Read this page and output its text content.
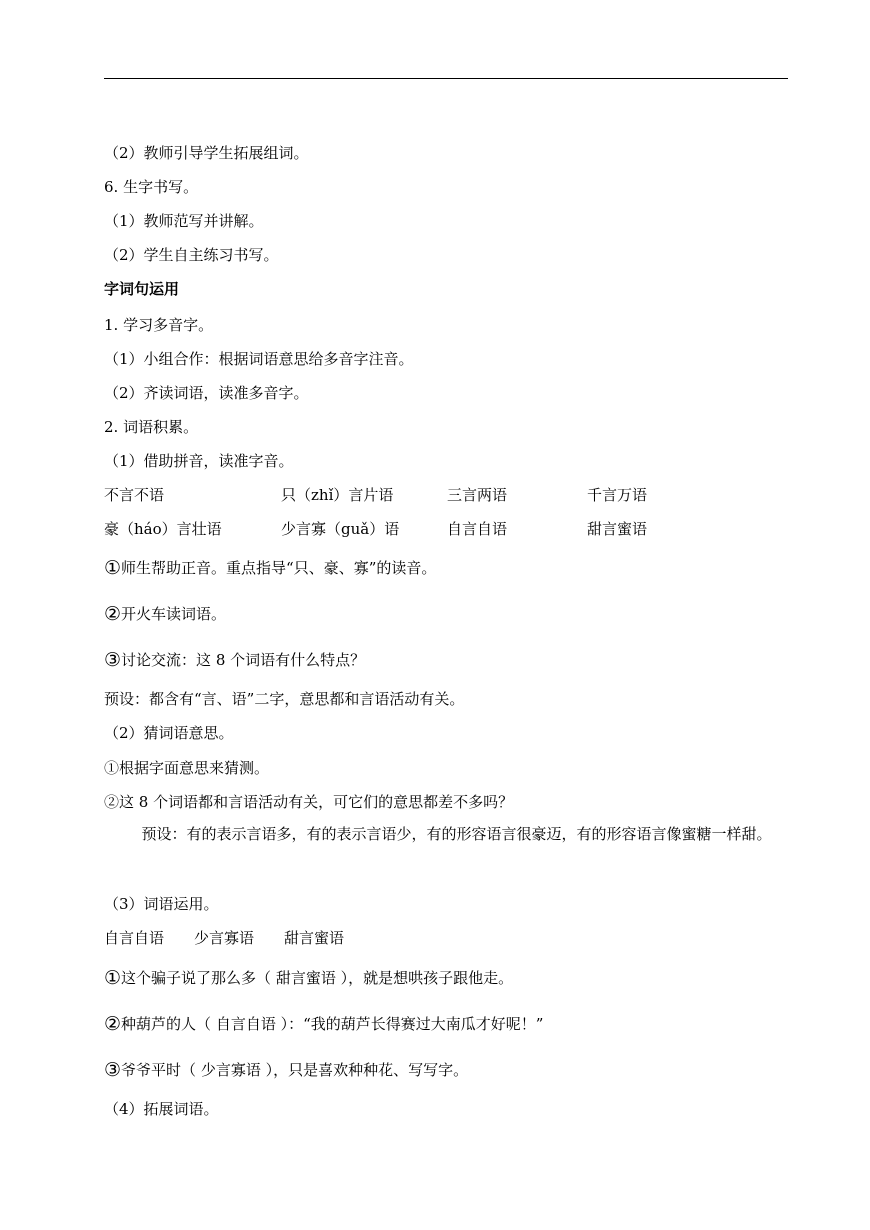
（2）教师引导学生拓展组词。
6. 生字书写。
（1）教师范写并讲解。
（2）学生自主练习书写。
字词句运用
1. 学习多音字。
（1）小组合作：根据词语意思给多音字注音。
（2）齐读词语，读准多音字。
2. 词语积累。
（1）借助拼音，读准字音。
不言不语	只（zhǐ）言片语	三言两语	千言万语
豪（háo）言壮语	少言寡（guǎ）语	自言自语	甜言蜜语
①师生帮助正音。重点指导“只、豪、寡”的读音。
②开火车读词语。
③讨论交流：这 8 个词语有什么特点？
预设：都含有“言、语”二字，意思都和言语活动有关。
（2）猜词语意思。
①根据字面意思来猜测。
②这 8 个词语都和言语活动有关，可它们的意思都差不多吗？
预设：有的表示言语多，有的表示言语少，有的形容语言很豪迈，有的形容语言像蜜糖一样甜。
（3）词语运用。
自言自语　　少言寡语　　甜言蜜语
①这个骗子说了那么多（ 甜言蜜语 ），就是想哄孩子跟他走。
②种葫芦的人（ 自言自语 ）：“我的葫芦长得赛过大南瓜才好呢！”
③爷爷平时（ 少言寡语 ），只是喜欢种种花、写写字。
（4）拓展词语。
